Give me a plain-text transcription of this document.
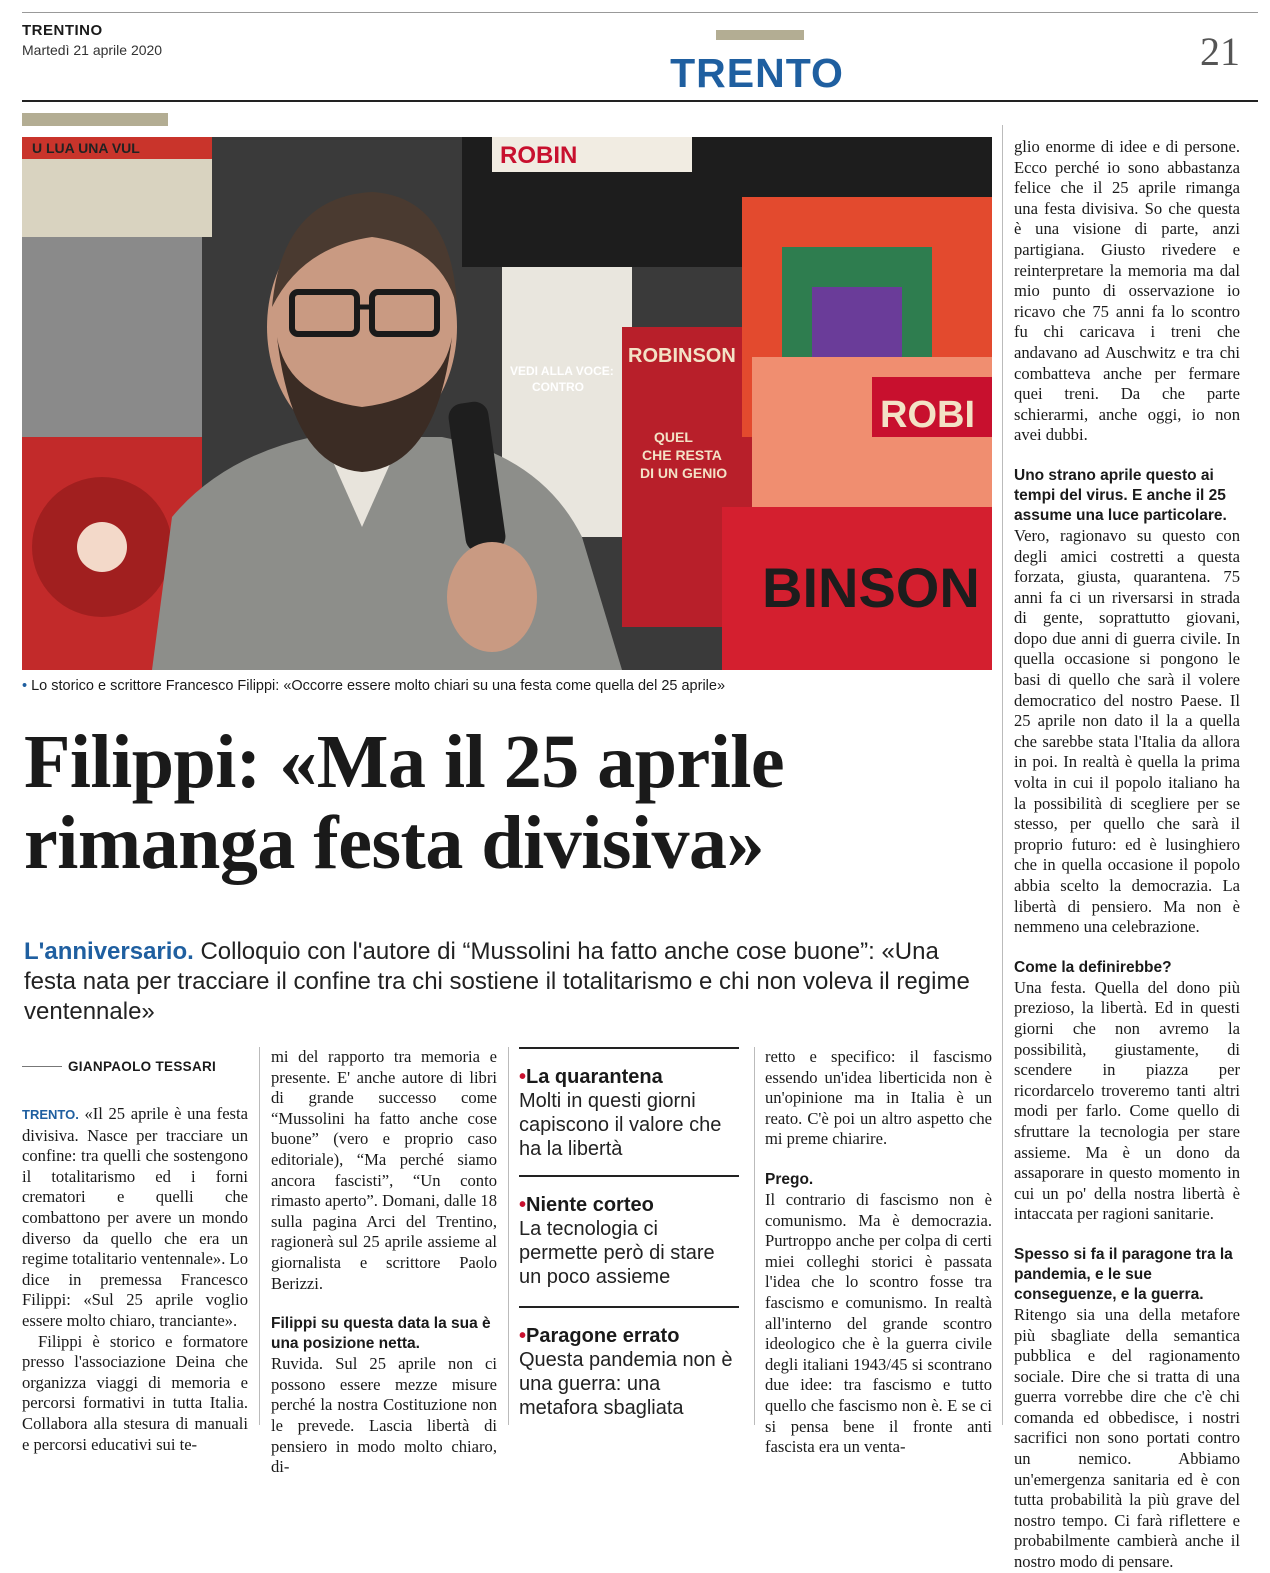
TRENTINO
Martedì 21 aprile 2020	TRENTO	21
U LUA UNA VUL	ROBIN
ROBINSON
QUEL
CHE RESTA
DI UN GENIO
VEDI ALLA VOCE:
CONTRO
ROBI
BINSON
• Lo storico e scrittore Francesco Filippi: «Occorre essere molto chiari su una festa come quella del 25 aprile»
Filippi: «Ma il 25 aprile
rimanga festa divisiva»
L'anniversario. Colloquio con l'autore di “Mussolini ha fatto anche cose buone”: «Una festa nata per tracciare il confine tra chi sostiene il totalitarismo e chi non voleva il regime ventennale»
GIANPAOLO TESSARI

TRENTO. «Il 25 aprile è una festa divisiva. Nasce per tracciare un confine: tra quelli che sostengono il totalitarismo ed i forni crematori e quelli che combattono per avere un mondo diverso da quello che era un regime totalitario ventennale». Lo dice in premessa Francesco Filippi: «Sul 25 aprile voglio essere molto chiaro, tranciante».

Filippi è storico e formatore presso l'associazione Deina che organizza viaggi di memoria e percorsi formativi in tutta Italia. Collabora alla stesura di manuali e percorsi educativi sui te-

mi del rapporto tra memoria e presente. E' anche autore di libri di grande successo come “Mussolini ha fatto anche cose buone” (vero e proprio caso editoriale), “Ma perché siamo ancora fascisti”, “Un conto rimasto aperto”. Domani, dalle 18 sulla pagina Arci del Trentino, ragionerà sul 25 aprile assieme al giornalista e scrittore Paolo Berizzi.

Filippi su questa data la sua è una posizione netta.

Ruvida. Sul 25 aprile non ci possono essere mezze misure perché la nostra Costituzione non le prevede. Lascia libertà di pensiero in modo molto chiaro, di-

•La quarantena
Molti in questi giorni capiscono il valore che ha la libertà
•Niente corteo
La tecnologia ci permette però di stare un poco assieme
•Paragone errato
Questa pandemia non è una guerra: una metafora sbagliata

retto e specifico: il fascismo essendo un'idea liberticida non è un'opinione ma in Italia è un reato. C'è poi un altro aspetto che mi preme chiarire.

Prego.

Il contrario di fascismo non è comunismo. Ma è democrazia. Purtroppo anche per colpa di certi miei colleghi storici è passata l'idea che lo scontro fosse tra fascismo e comunismo. In realtà all'interno del grande scontro ideologico che è la guerra civile degli italiani 1943/45 si scontrano due idee: tra fascismo e tutto quello che fascismo non è. E se ci si pensa bene il fronte anti fascista era un venta-

glio enorme di idee e di persone. Ecco perché io sono abbastanza felice che il 25 aprile rimanga una festa divisiva. So che questa è una visione di parte, anzi partigiana. Giusto rivedere e reinterpretare la memoria ma dal mio punto di osservazione io ricavo che 75 anni fa lo scontro fu chi caricava i treni che andavano ad Auschwitz e tra chi combatteva anche per fermare quei treni. Da che parte schierarmi, anche oggi, io non avei dubbi.

Uno strano aprile questo ai tempi del virus. E anche il 25 assume una luce particolare.

Vero, ragionavo su questo con degli amici costretti a questa forzata, giusta, quarantena. 75 anni fa ci un riversarsi in strada di gente, soprattutto giovani, dopo due anni di guerra civile. In quella occasione si pongono le basi di quello che sarà il volere democratico del nostro Paese. Il 25 aprile non dato il la a quella che sarebbe stata l'Italia da allora in poi. In realtà è quella la prima volta in cui il popolo italiano ha la possibilità di scegliere per se stesso, per quello che sarà il proprio futuro: ed è lusinghiero che in quella occasione il popolo abbia scelto la democrazia. La libertà di pensiero. Ma non è nemmeno una celebrazione.

Come la definirebbe?

Una festa. Quella del dono più prezioso, la libertà. Ed in questi giorni che non avremo la possibilità, giustamente, di scendere in piazza per ricordarcelo troveremo tanti altri modi per farlo. Come quello di sfruttare la tecnologia per stare assieme. Ma è un dono da assaporare in questo momento in cui un po' della nostra libertà è intaccata per ragioni sanitarie.

Spesso si fa il paragone tra la pandemia, e le sue conseguenze, e la guerra.

Ritengo sia una della metafore più sbagliate della semantica pubblica e del ragionamento sociale. Dire che si tratta di una guerra vorrebbe dire che c'è chi comanda ed obbedisce, i nostri sacrifici non sono portati contro un nemico. Abbiamo un'emergenza sanitaria ed è con tutta probabilità la più grave del nostro tempo. Ci farà riflettere e probabilmente cambierà anche il nostro modo di pensare.
